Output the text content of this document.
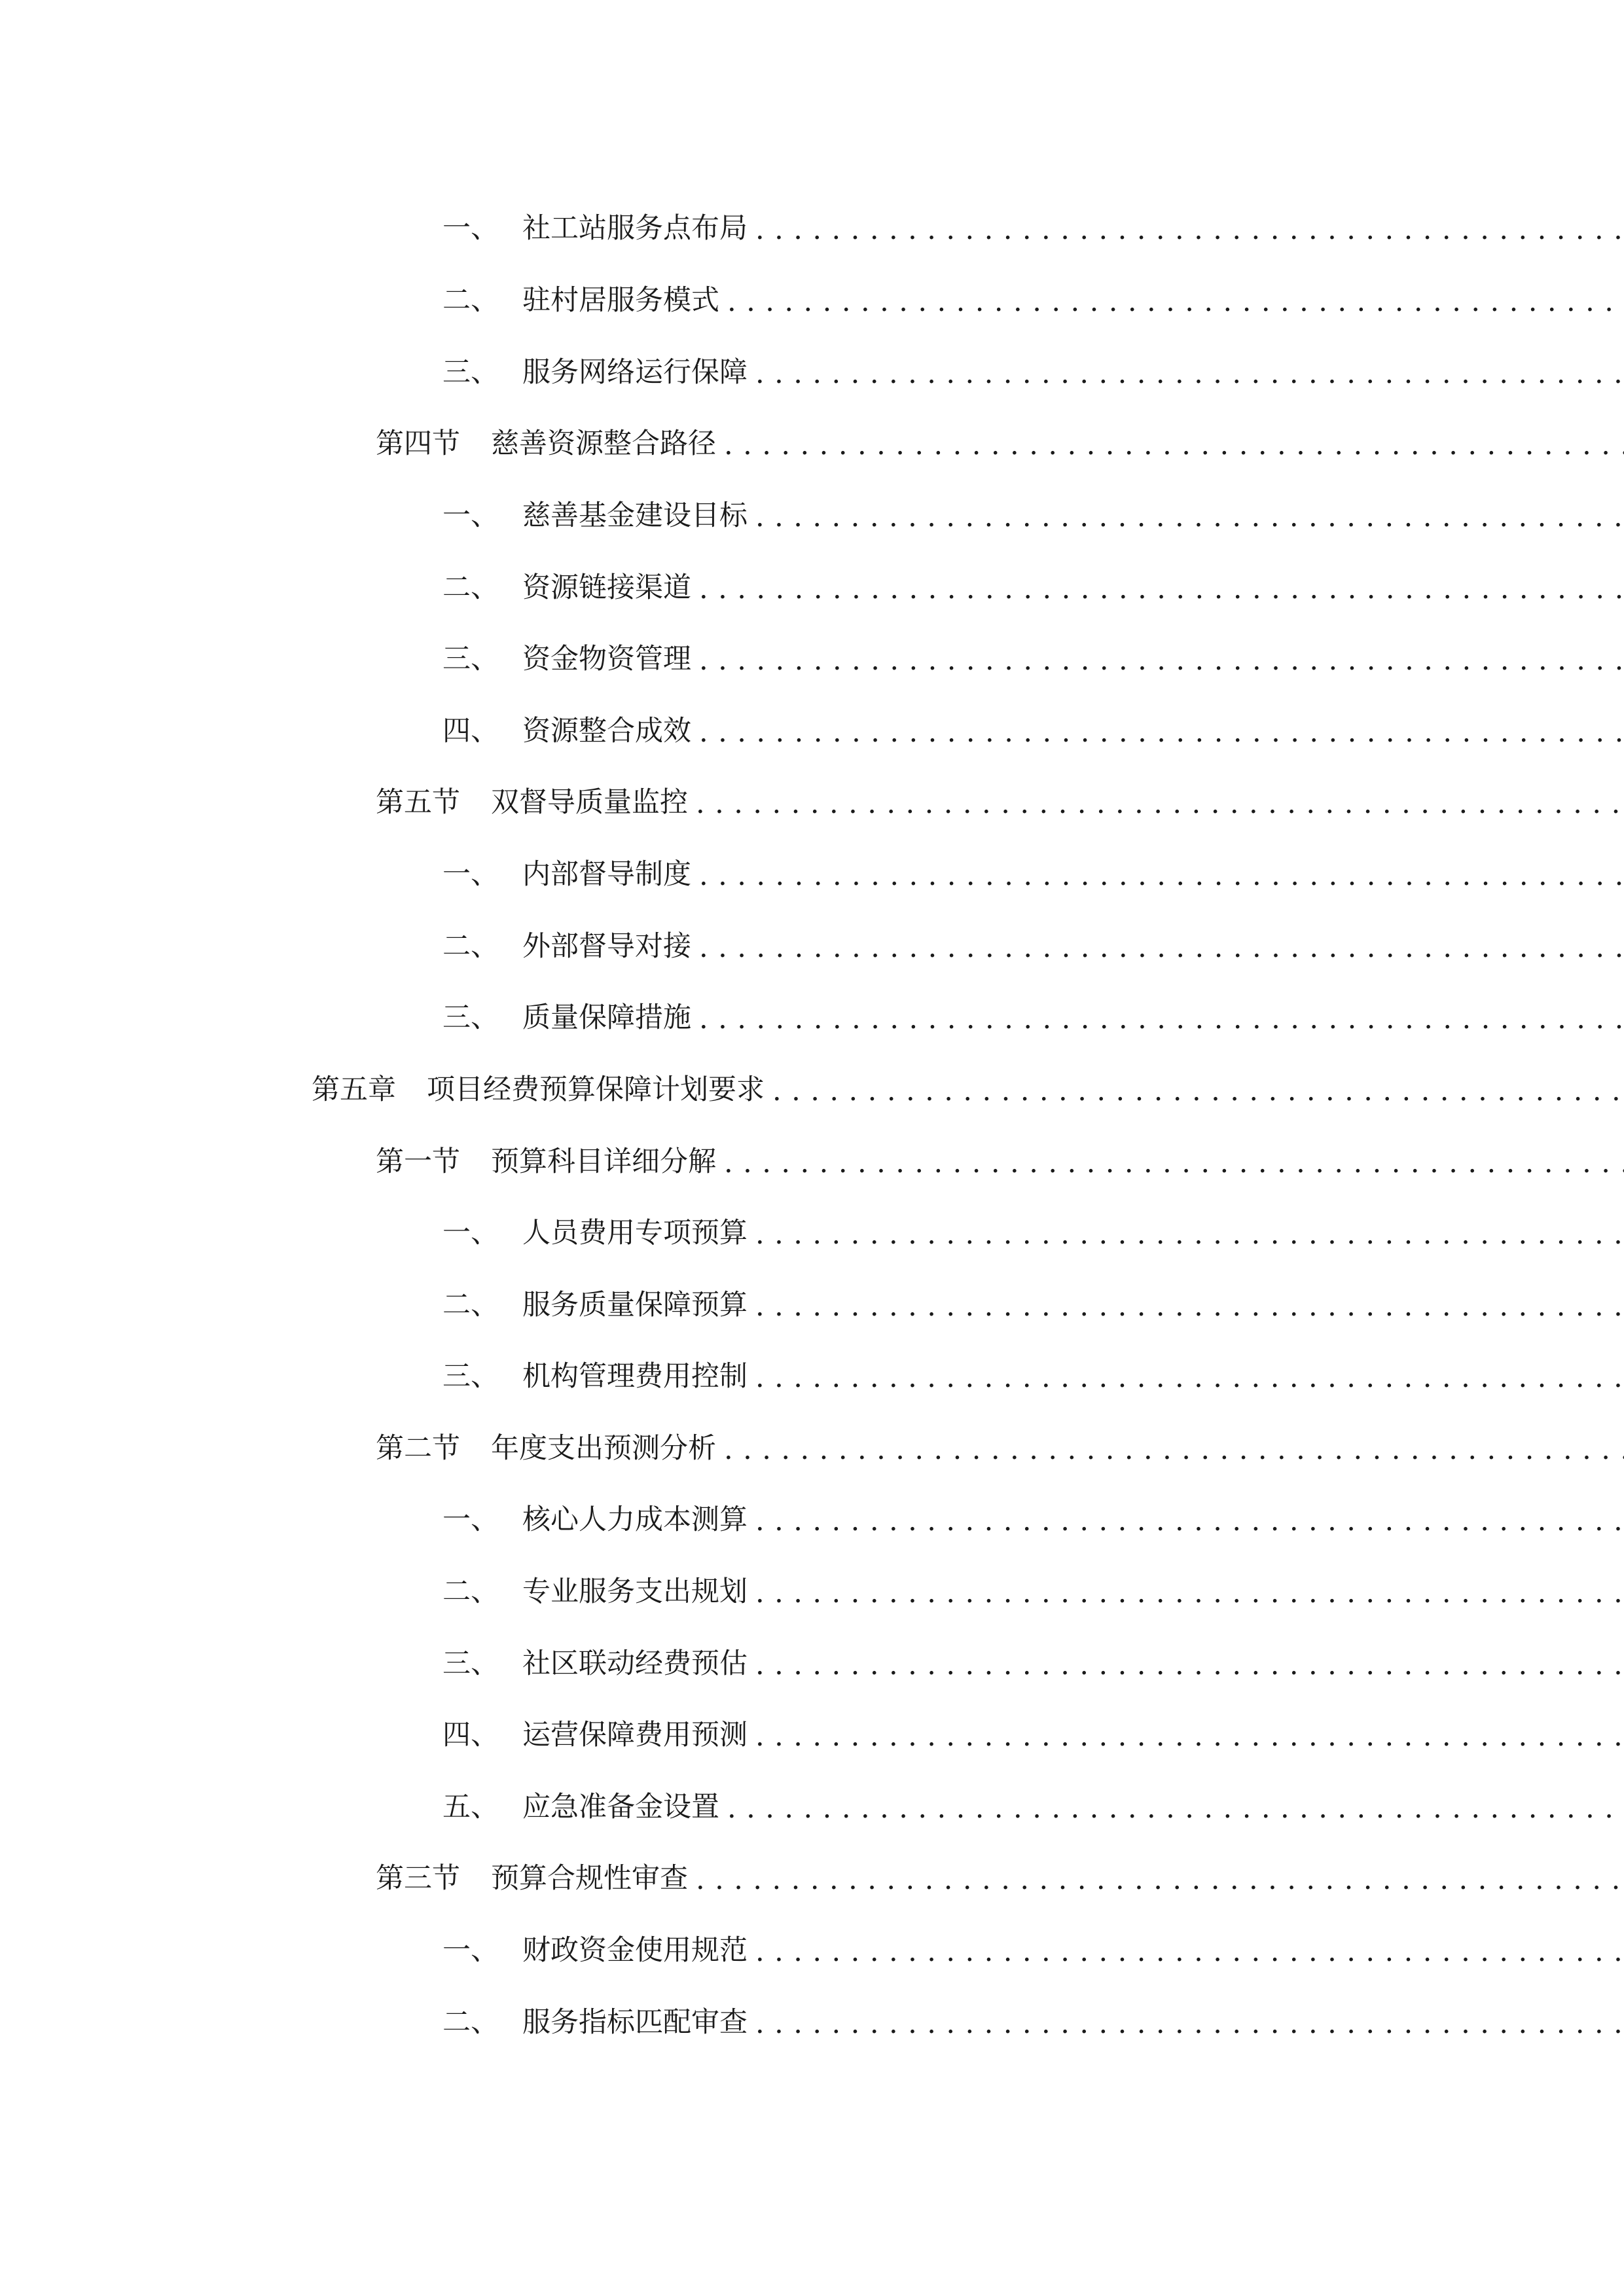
一、 社工站服务点布局
. . .
二、 驻村居服务模式
. . .
三、 服务网络运行保障
. . .
第四节	慈善资源整合路径
. . .
一、 慈善基金建设目标
. . .
二、 资源链接渠道
. . .
三、 资金物资管理
. . .
四、 资源整合成效
. . .
第五节	双督导质量监控
. . .
一、 内部督导制度
. . .
二、 外部督导对接
. . .
三、 质量保障措施
. . .
第五章	项目经费预算保障计划要求
. . .
第一节	预算科目详细分解
. . .
一、 人员费用专项预算
. . .
二、 服务质量保障预算
. . .
三、 机构管理费用控制
. . .
第二节	年度支出预测分析
. . .
一、 核心人力成本测算
. . .
二、 专业服务支出规划
. . .
三、 社区联动经费预估
. . .
四、 运营保障费用预测
. . .
五、 应急准备金设置
. . .
第三节	预算合规性审查
. . .
一、 财政资金使用规范
. . .
二、 服务指标匹配审查
. . .
